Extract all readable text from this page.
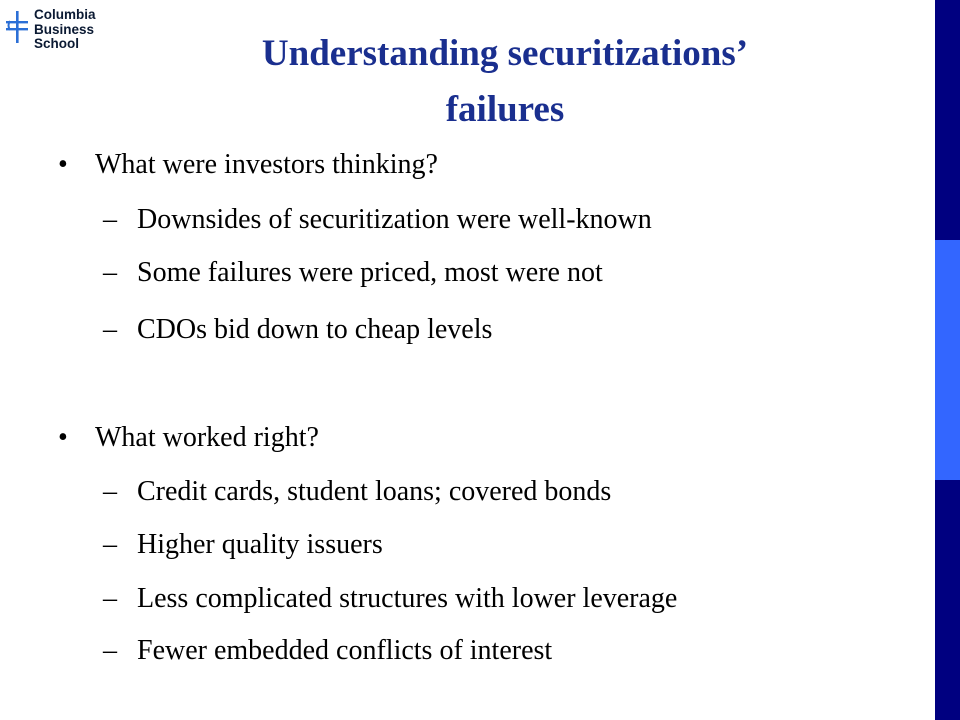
Columbia
Business
School	Understanding securitizations’
failures
• What were investors thinking?
– Downsides of securitization were well-known
– Some failures were priced, most were not
– CDOs bid down to cheap levels
• What worked right?
– Credit cards, student loans; covered bonds
– Higher quality issuers
– Less complicated structures with lower leverage
– Fewer embedded conflicts of interest
